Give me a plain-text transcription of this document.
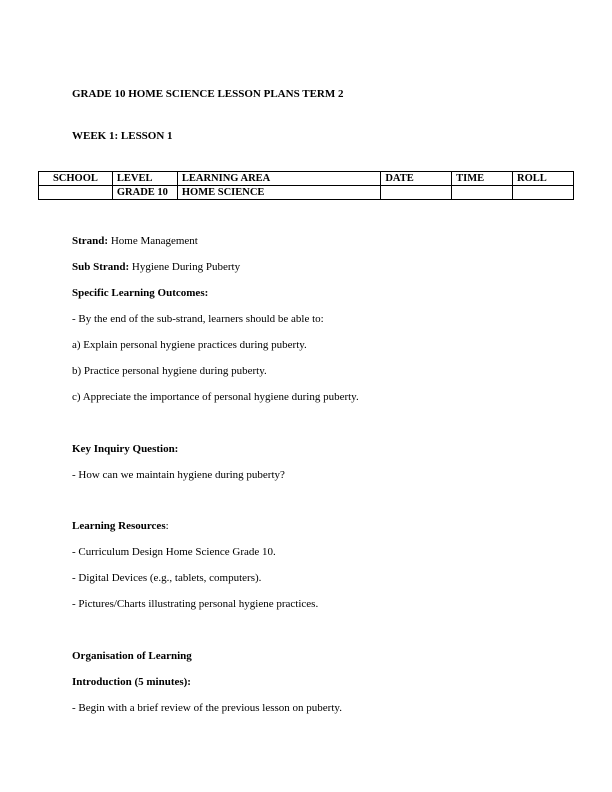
GRADE 10 HOME SCIENCE LESSON PLANS TERM 2
WEEK 1: LESSON 1
SCHOOL	LEVEL	LEARNING AREA	DATE	TIME	ROLL
	GRADE 10	HOME SCIENCE			
Strand: Home Management
Sub Strand: Hygiene During Puberty
Specific Learning Outcomes:
- By the end of the sub-strand, learners should be able to:
a) Explain personal hygiene practices during puberty.
b) Practice personal hygiene during puberty.
c) Appreciate the importance of personal hygiene during puberty.
Key Inquiry Question:
- How can we maintain hygiene during puberty?
Learning Resources:
- Curriculum Design Home Science Grade 10.
- Digital Devices (e.g., tablets, computers).
- Pictures/Charts illustrating personal hygiene practices.
Organisation of Learning
Introduction (5 minutes):
- Begin with a brief review of the previous lesson on puberty.
